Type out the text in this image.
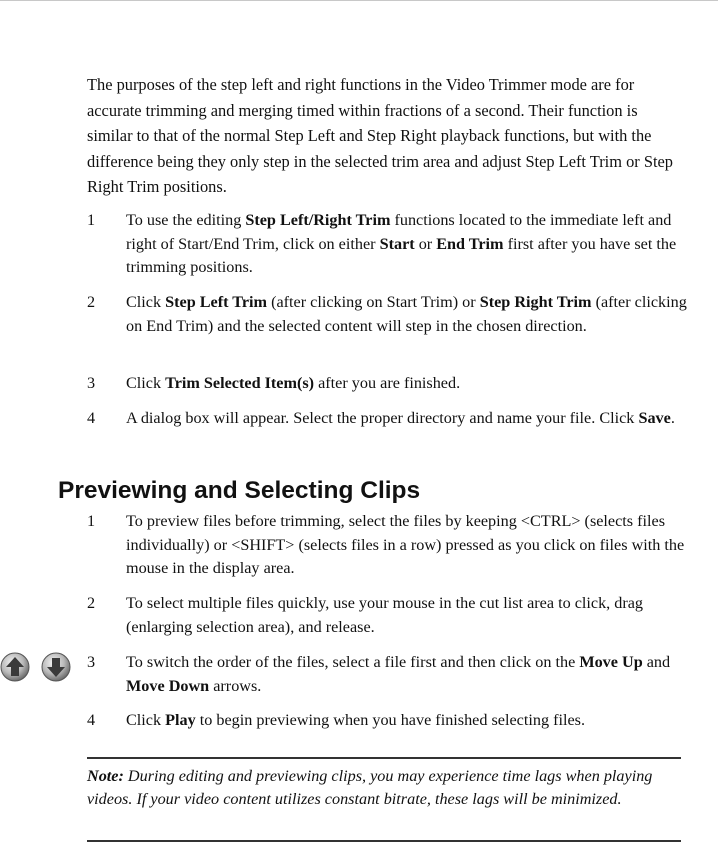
The purposes of the step left and right functions in the Video Trimmer mode are for accurate trimming and merging timed within fractions of a second. Their function is similar to that of the normal Step Left and Step Right playback functions, but with the difference being they only step in the selected trim area and adjust Step Left Trim or Step Right Trim positions.

1	To use the editing Step Left/Right Trim functions located to the immediate left and right of Start/End Trim, click on either Start or End Trim first after you have set the trimming positions.
2	Click Step Left Trim (after clicking on Start Trim) or Step Right Trim (after clicking on End Trim) and the selected content will step in the chosen direction.
3	Click Trim Selected Item(s) after you are finished.
4	A dialog box will appear. Select the proper directory and name your file. Click Save.
Previewing and Selecting Clips
1	To preview files before trimming, select the files by keeping <CTRL> (selects files individually) or <SHIFT> (selects files in a row) pressed as you click on files with the mouse in the display area.
2	To select multiple files quickly, use your mouse in the cut list area to click, drag (enlarging selection area), and release.
3	To switch the order of the files, select a file first and then click on the Move Up and Move Down arrows.
4	Click Play to begin previewing when you have finished selecting files.

Note: During editing and previewing clips, you may experience time lags when playing videos. If your video content utilizes constant bitrate, these lags will be minimized.
